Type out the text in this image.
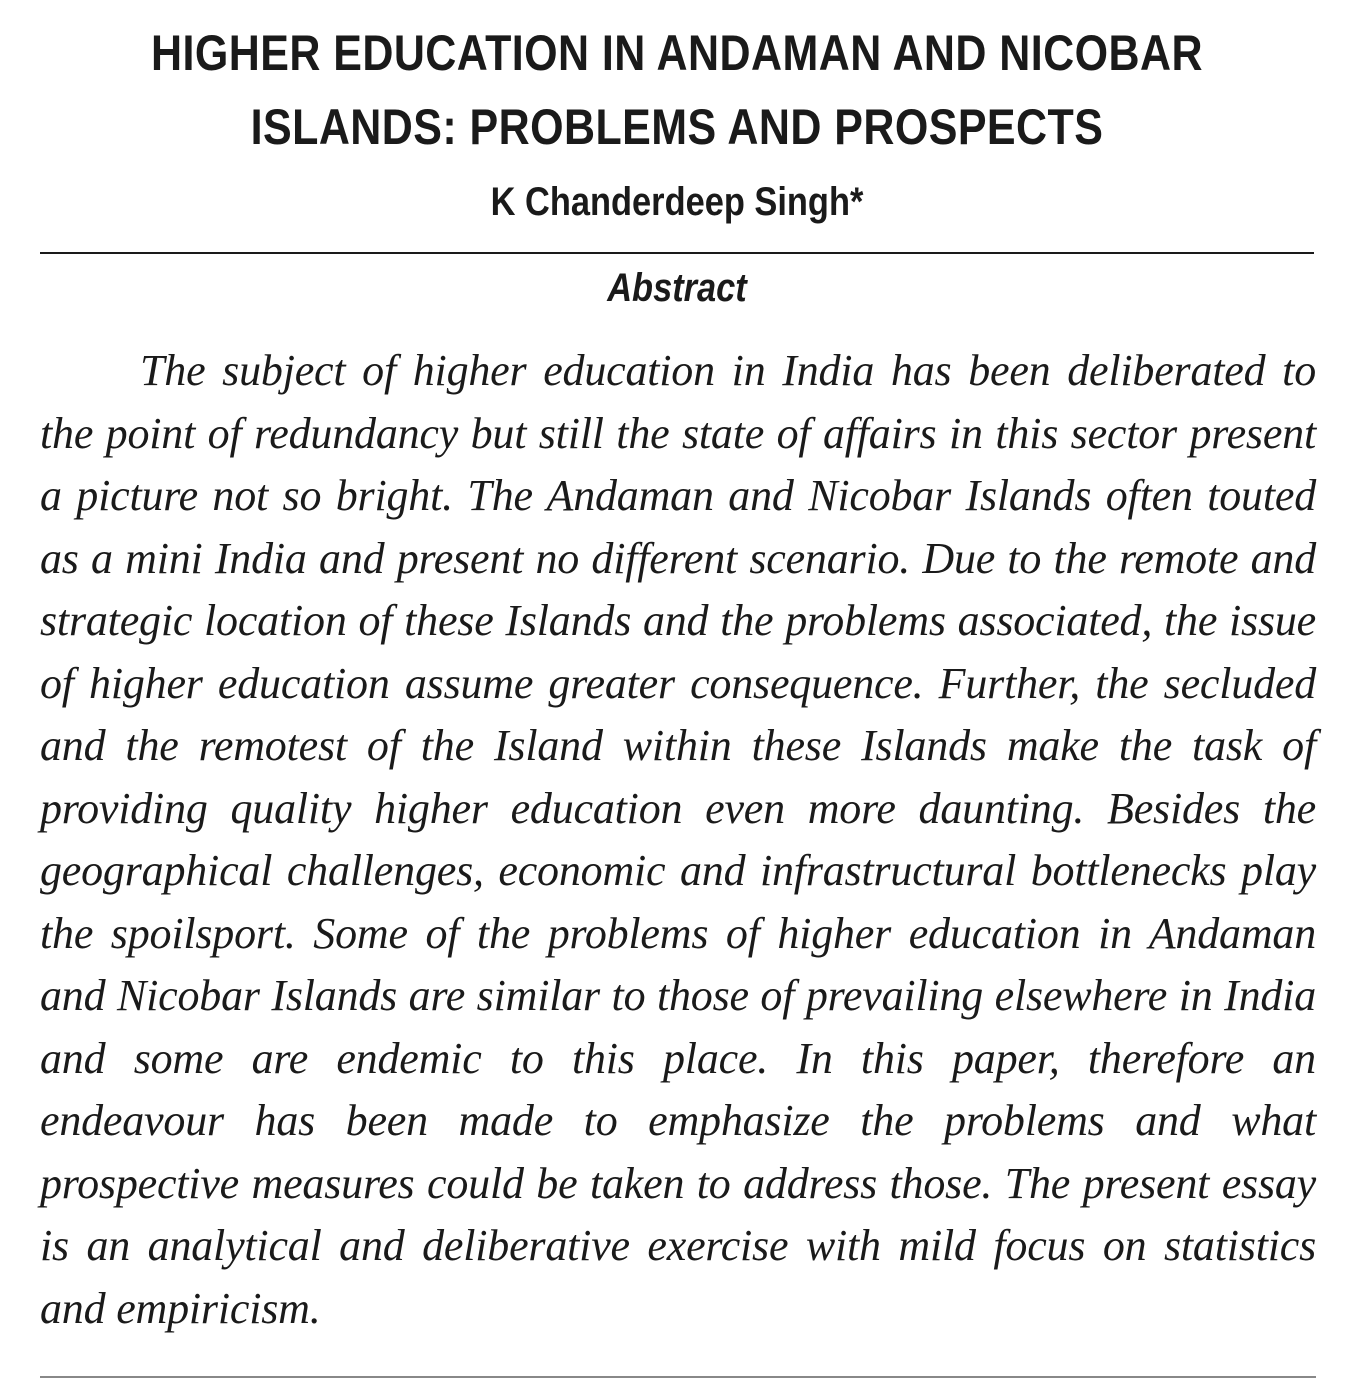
HIGHER EDUCATION IN ANDAMAN AND NICOBAR
ISLANDS: PROBLEMS AND PROSPECTS
K Chanderdeep Singh*
Abstract

The subject of higher education in India has been deliberated to the point of redundancy but still the state of affairs in this sector present a picture not so bright. The Andaman and Nicobar Islands often touted as a mini India and present no different scenario. Due to the remote and strategic location of these Islands and the problems associated, the issue of higher education assume greater consequence. Further, the secluded and the remotest of the Island within these Islands make the task of providing quality higher education even more daunting. Besides the geographical challenges, economic and infrastructural bottlenecks play the spoilsport. Some of the problems of higher education in Andaman and Nicobar Islands are similar to those of prevailing elsewhere in India and some are endemic to this place. In this paper, therefore an endeavour has been made to emphasize the problems and what prospective measures could be taken to address those. The present essay is an analytical and deliberative exercise with mild focus on statistics and empiricism.
